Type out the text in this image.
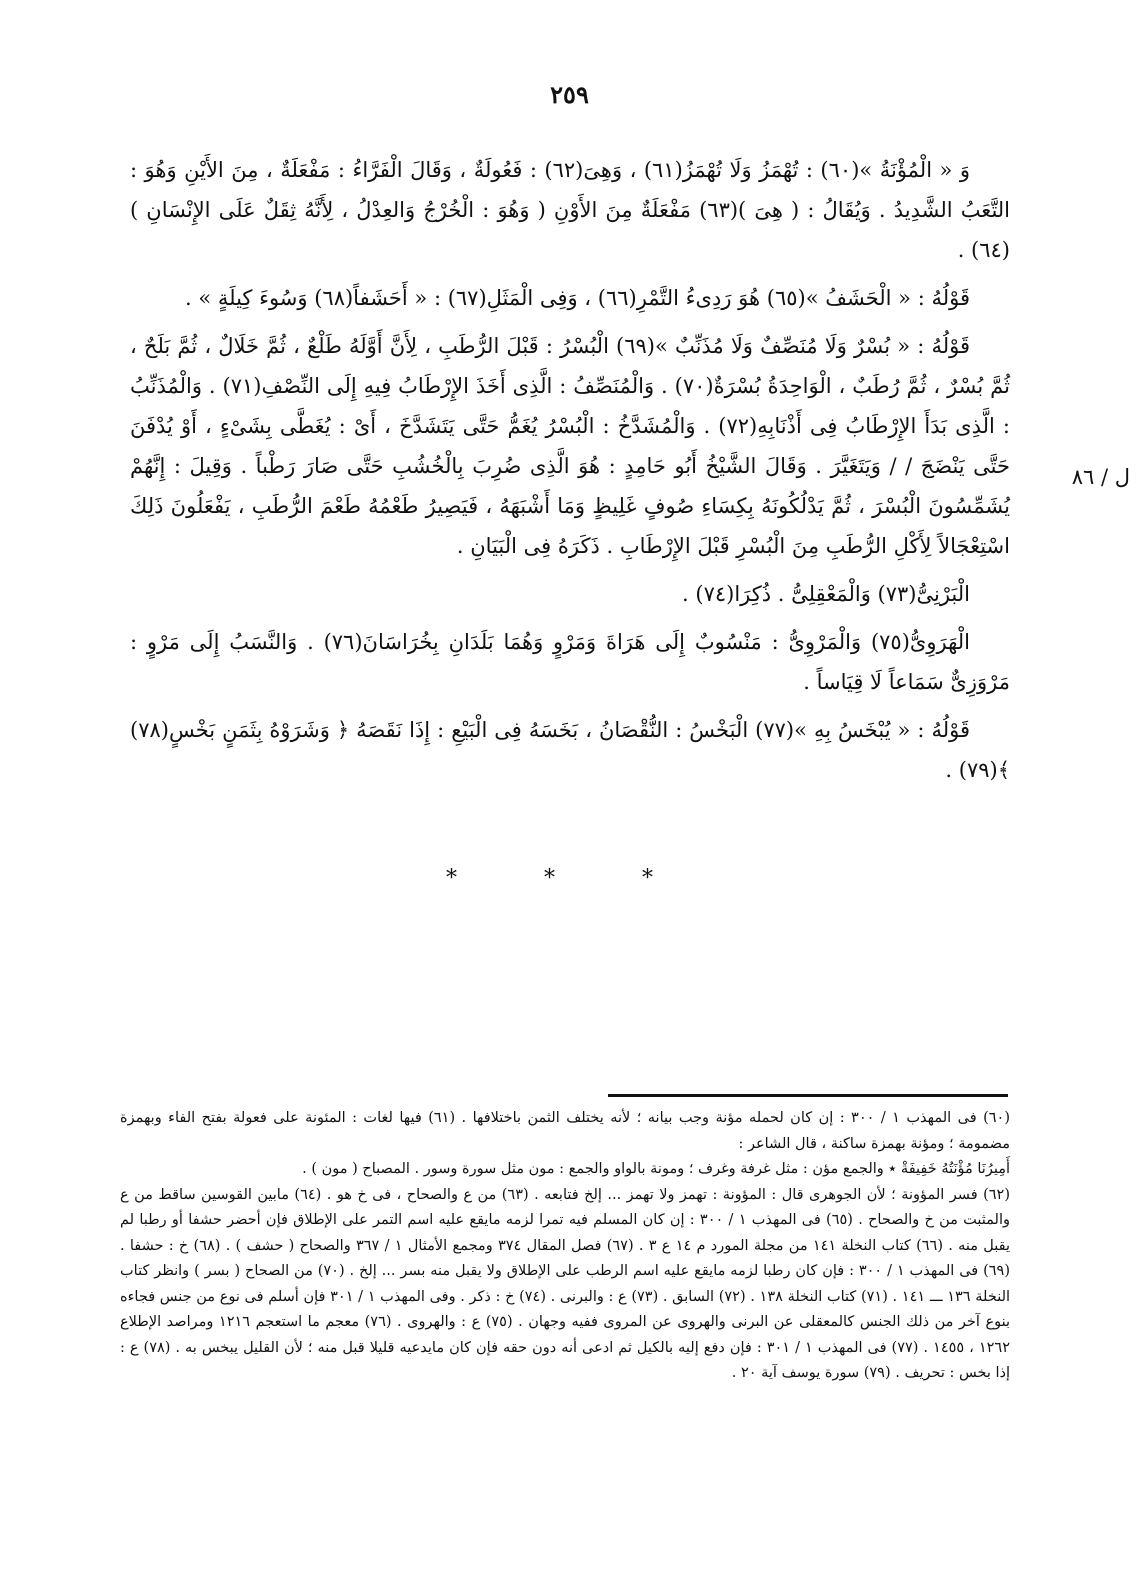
٢٥٩
ل / ٨٦

وَ « الْمُؤْنَةُ »(٦٠) : تُهْمَزُ وَلَا تُهْمَزُ(٦١) ، وَهِىَ(٦٢) : فَعُولَةٌ ، وَقَالَ الْفَرَّاءُ : مَفْعَلَةٌ ، مِنَ الأَيْنِ وَهُوَ : التَّعَبُ الشَّدِيدُ . وَيُقَالُ : ( هِىَ )(٦٣) مَفْعَلَةٌ مِنَ الأَوْنِ ( وَهُوَ : الْخُرْجُ وَالعِدْلُ ، لِأَنَّهُ ثِقَلٌ عَلَى الإِنْسَانِ )(٦٤) .

قَوْلُهُ : « الْحَشَفُ »(٦٥) هُوَ رَدِىءُ التَّمْرِ(٦٦) ، وَفِى الْمَثَلِ(٦٧) : « أَحَشَفاً(٦٨) وَسُوءَ كِيلَةٍ » .

قَوْلُهُ : « بُسْرٌ وَلَا مُنَصِّفٌ وَلَا مُذَنِّبٌ »(٦٩) الْبُسْرُ : قَبْلَ الرُّطَبِ ، لِأَنَّ أَوَّلَهُ طَلْعٌ ، ثُمَّ خَلَالٌ ، ثُمَّ بَلَحٌ ، ثُمَّ بُسْرٌ ، ثُمَّ رُطَبٌ ، الْوَاحِدَةُ بُسْرَةٌ(٧٠) . وَالْمُنَصِّفُ : الَّذِى أَخَذَ الإِرْطَابُ فِيهِ إِلَى النِّصْفِ(٧١) . وَالْمُذَنِّبُ : الَّذِى بَدَأَ الإِرْطَابُ فِى أَذْنَابِهِ(٧٢) . وَالْمُشَدَّخُ : الْبُسْرُ يُغَمُّ حَتَّى يَتَشَدَّخَ ، أَىْ : يُغَطَّى بِشَىْءٍ ، أَوْ يُدْفَنَ حَتَّى يَنْضَجَ / / وَيَتَغَيَّرَ . وَقَالَ الشَّيْخُ أَبُو حَامِدٍ : هُوَ الَّذِى ضُرِبَ بِالْخُشُبِ حَتَّى صَارَ رَطْباً . وَقِيلَ : إِنَّهُمْ يُشَمِّسُونَ الْبُسْرَ ، ثُمَّ يَدْلُكُونَهُ بِكِسَاءِ صُوفٍ غَلِيظٍ وَمَا أَشْبَهَهُ ، فَيَصِيرُ طَعْمُهُ طَعْمَ الرُّطَبِ ، يَفْعَلُونَ ذَلِكَ اسْتِعْجَالاً لِأَكْلِ الرُّطَبِ مِنَ الْبُسْرِ قَبْلَ الإِرْطَابِ . ذَكَرَهُ فِى الْبَيَانِ .

الْبَرْنِىُّ(٧٣) وَالْمَعْقِلِىُّ . ذُكِرَا(٧٤) .

الْهَرَوِىُّ(٧٥) وَالْمَرْوِىُّ : مَنْسُوبٌ إِلَى هَرَاةَ وَمَرْوٍ وَهُمَا بَلَدَانِ بِخُرَاسَانَ(٧٦) . وَالنَّسَبُ إِلَى مَرْوٍ : مَرْوَزِىٌّ سَمَاعاً لَا قِيَاساً .

قَوْلُهُ : « يُبْخَسُ بِهِ »(٧٧) الْبَخْسُ : النُّقْصَانُ ، بَخَسَهُ فِى الْبَيْعِ : إِذَا نَقَصَهُ ﴿ وَشَرَوْهُ بِثَمَنٍ بَخْسٍ(٧٨) ﴾(٧٩) .

* * *

(٦٠) فى المهذب ١ / ٣٠٠ : إن كان لحمله مؤنة وجب بيانه ؛ لأنه يختلف الثمن باختلافها . (٦١) فيها لغات : المئونة على فعولة بفتح الفاء وبهمزة مضمومة ؛ ومؤنة بهمزة ساكنة ، قال الشاعر :

أَمِيرُنَا مُؤْنَتُهُ خَفِيفَةْ ٭ والجمع مؤن : مثل غرفة وغرف ؛ ومونة بالواو والجمع : مون مثل سورة وسور . المصباح ( مون ) .

(٦٢) فسر المؤونة ؛ لأن الجوهرى قال : المؤونة : تهمز ولا تهمز ... إلخ فتابعه . (٦٣) من ع والصحاح ، فى خ هو . (٦٤) مابين القوسين ساقط من ع والمثبت من خ والصحاح . (٦٥) فى المهذب ١ / ٣٠٠ : إن كان المسلم فيه تمرا لزمه مايقع عليه اسم التمر على الإطلاق فإن أحضر حشفا أو رطبا لم يقبل منه . (٦٦) كتاب النخلة ١٤١ من مجلة المورد م ١٤ ع ٣ . (٦٧) فصل المقال ٣٧٤ ومجمع الأمثال ١ / ٣٦٧ والصحاح ( حشف ) . (٦٨) خ : حشفا . (٦٩) فى المهذب ١ / ٣٠٠ : فإن كان رطبا لزمه مايقع عليه اسم الرطب على الإطلاق ولا يقبل منه بسر ... إلخ . (٧٠) من الصحاح ( بسر ) وانظر كتاب النخلة ١٣٦ ـــ ١٤١ . (٧١) كتاب النخلة ١٣٨ . (٧٢) السابق . (٧٣) ع : والبرنى . (٧٤) خ : ذكر . وفى المهذب ١ / ٣٠١ فإن أسلم فى نوع من جنس فجاءه بنوع آخر من ذلك الجنس كالمعقلى عن البرنى والهروى عن المروى ففيه وجهان . (٧٥) ع : والهروى . (٧٦) معجم ما استعجم ١٢١٦ ومراصد الإطلاع ١٢٦٢ ، ١٤٥٥ . (٧٧) فى المهذب ١ / ٣٠١ : فإن دفع إليه بالكيل ثم ادعى أنه دون حقه فإن كان مايدعيه قليلا قبل منه ؛ لأن القليل يبخس به . (٧٨) ع : إذا بخس : تحريف . (٧٩) سورة يوسف آية ٢٠ .
